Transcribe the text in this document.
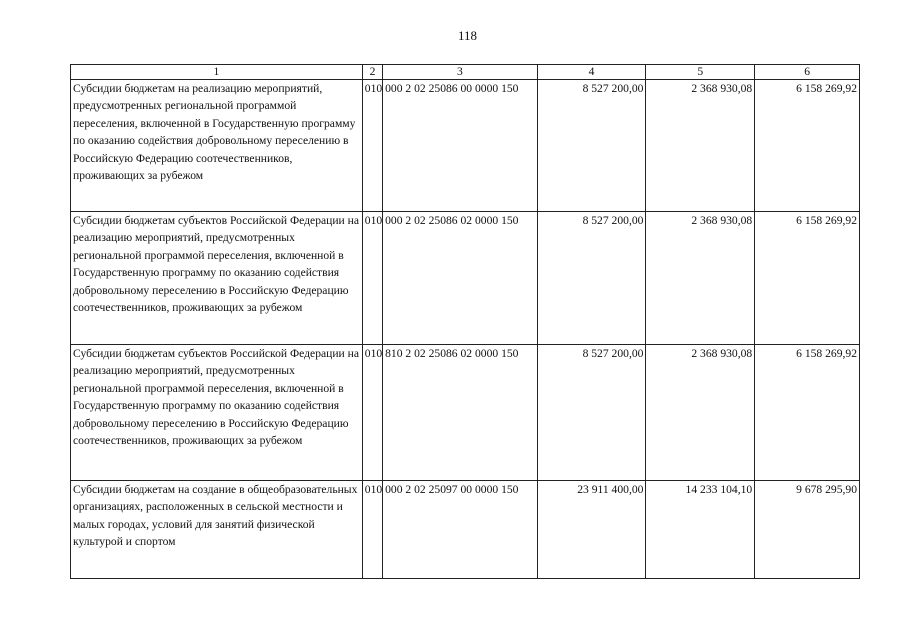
118
1	2	3	4	5	6
Субсидии бюджетам на реализацию мероприятий, предусмотренных региональной программой переселения, включенной в Государственную программу по оказанию содействия добровольному переселению в Российскую Федерацию соотечественников, проживающих за рубежом	010	000 2 02 25086 00 0000 150	8 527 200,00	2 368 930,08	6 158 269,92
Субсидии бюджетам субъектов Российской Федерации на реализацию мероприятий, предусмотренных региональной программой переселения, включенной в Государственную программу по оказанию содействия добровольному переселению в Российскую Федерацию соотечественников, проживающих за рубежом	010	000 2 02 25086 02 0000 150	8 527 200,00	2 368 930,08	6 158 269,92
Субсидии бюджетам субъектов Российской Федерации на реализацию мероприятий, предусмотренных региональной программой переселения, включенной в Государственную программу по оказанию содействия добровольному переселению в Российскую Федерацию соотечественников, проживающих за рубежом	010	810 2 02 25086 02 0000 150	8 527 200,00	2 368 930,08	6 158 269,92
Субсидии бюджетам на создание в общеобразовательных организациях, расположенных в сельской местности и малых городах, условий для занятий физической культурой и спортом	010	000 2 02 25097 00 0000 150	23 911 400,00	14 233 104,10	9 678 295,90
